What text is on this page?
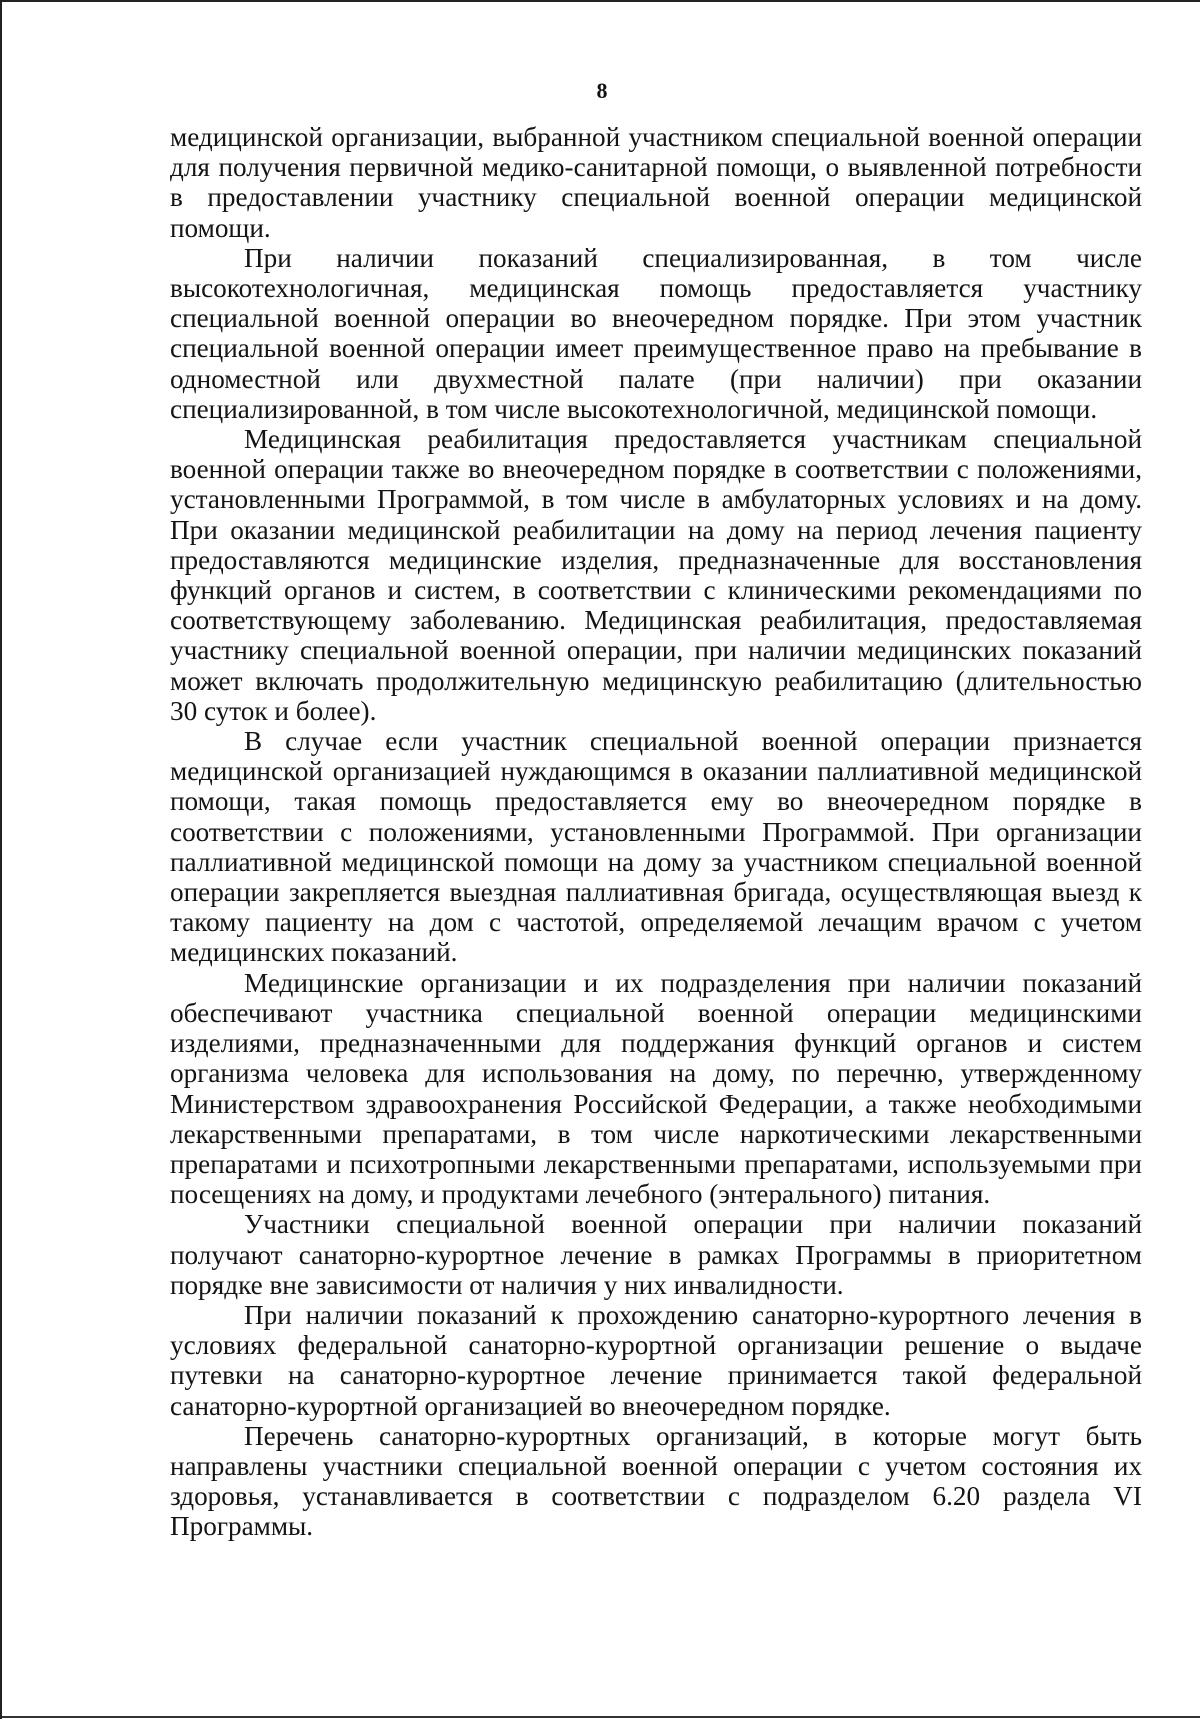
8

медицинской организации, выбранной участником специальной военной операции для получения первичной медико-санитарной помощи, о выявленной потребности в предоставлении участнику специальной военной операции медицинской помощи.

При наличии показаний специализированная, в том числе высокотехнологичная, медицинская помощь предоставляется участнику специальной военной операции во внеочередном порядке. При этом участник специальной военной операции имеет преимущественное право на пребывание в одноместной или двухместной палате (при наличии) при оказании специализированной, в том числе высокотехнологичной, медицинской помощи.

Медицинская реабилитация предоставляется участникам специальной военной операции также во внеочередном порядке в соответствии с положениями, установленными Программой, в том числе в амбулаторных условиях и на дому. При оказании медицинской реабилитации на дому на период лечения пациенту предоставляются медицинские изделия, предназначенные для восстановления функций органов и систем, в соответствии с клиническими рекомендациями по соответствующему заболеванию. Медицинская реабилитация, предоставляемая участнику специальной военной операции, при наличии медицинских показаний может включать продолжительную медицинскую реабилитацию (длительностью 30 суток и более).

В случае если участник специальной военной операции признается медицинской организацией нуждающимся в оказании паллиативной медицинской помощи, такая помощь предоставляется ему во внеочередном порядке в соответствии с положениями, установленными Программой. При организации паллиативной медицинской помощи на дому за участником специальной военной операции закрепляется выездная паллиативная бригада, осуществляющая выезд к такому пациенту на дом с частотой, определяемой лечащим врачом с учетом медицинских показаний.

Медицинские организации и их подразделения при наличии показаний обеспечивают участника специальной военной операции медицинскими изделиями, предназначенными для поддержания функций органов и систем организма человека для использования на дому, по перечню, утвержденному Министерством здравоохранения Российской Федерации, а также необходимыми лекарственными препаратами, в том числе наркотическими лекарственными препаратами и психотропными лекарственными препаратами, используемыми при посещениях на дому, и продуктами лечебного (энтерального) питания.

Участники специальной военной операции при наличии показаний получают санаторно-курортное лечение в рамках Программы в приоритетном порядке вне зависимости от наличия у них инвалидности.

При наличии показаний к прохождению санаторно-курортного лечения в условиях федеральной санаторно-курортной организации решение о выдаче путевки на санаторно-курортное лечение принимается такой федеральной санаторно-курортной организацией во внеочередном порядке.

Перечень санаторно-курортных организаций, в которые могут быть направлены участники специальной военной операции с учетом состояния их здоровья, устанавливается в соответствии с подразделом 6.20 раздела VI Программы.
